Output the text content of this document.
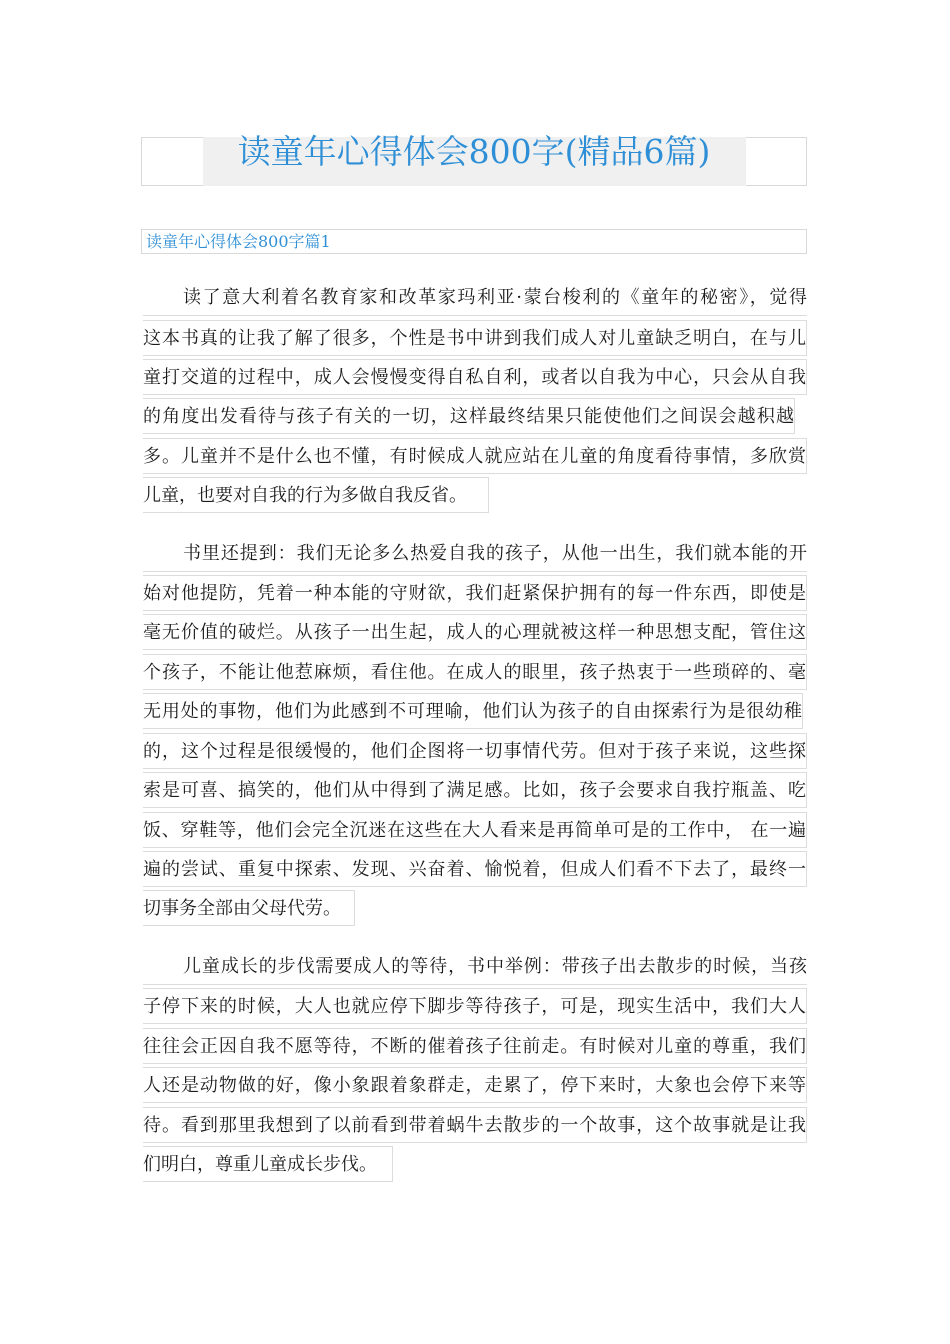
读童年心得体会800字(精品6篇)
读童年心得体会800字篇1
读了意大利着名教育家和改革家玛利亚·蒙台梭利的《童年的秘密》，觉得
这本书真的让我了解了很多，个性是书中讲到我们成人对儿童缺乏明白，在与儿
童打交道的过程中，成人会慢慢变得自私自利，或者以自我为中心，只会从自我
的角度出发看待与孩子有关的一切，这样最终结果只能使他们之间误会越积越
多。儿童并不是什么也不懂，有时候成人就应站在儿童的角度看待事情，多欣赏
儿童，也要对自我的行为多做自我反省。
书里还提到：我们无论多么热爱自我的孩子，从他一出生，我们就本能的开
始对他提防，凭着一种本能的守财欲，我们赶紧保护拥有的每一件东西，即使是
毫无价值的破烂。从孩子一出生起，成人的心理就被这样一种思想支配，管住这
个孩子，不能让他惹麻烦，看住他。在成人的眼里，孩子热衷于一些琐碎的、毫
无用处的事物，他们为此感到不可理喻，他们认为孩子的自由探索行为是很幼稚
的，这个过程是很缓慢的，他们企图将一切事情代劳。但对于孩子来说，这些探
索是可喜、搞笑的，他们从中得到了满足感。比如，孩子会要求自我拧瓶盖、吃
饭、穿鞋等，他们会完全沉迷在这些在大人看来是再简单可是的工作中， 在一遍
遍的尝试、重复中探索、发现、兴奋着、愉悦着，但成人们看不下去了，最终一
切事务全部由父母代劳。
儿童成长的步伐需要成人的等待，书中举例：带孩子出去散步的时候，当孩
子停下来的时候，大人也就应停下脚步等待孩子，可是，现实生活中，我们大人
往往会正因自我不愿等待，不断的催着孩子往前走。有时候对儿童的尊重，我们
人还是动物做的好，像小象跟着象群走，走累了，停下来时，大象也会停下来等
待。看到那里我想到了以前看到带着蜗牛去散步的一个故事，这个故事就是让我
们明白，尊重儿童成长步伐。
